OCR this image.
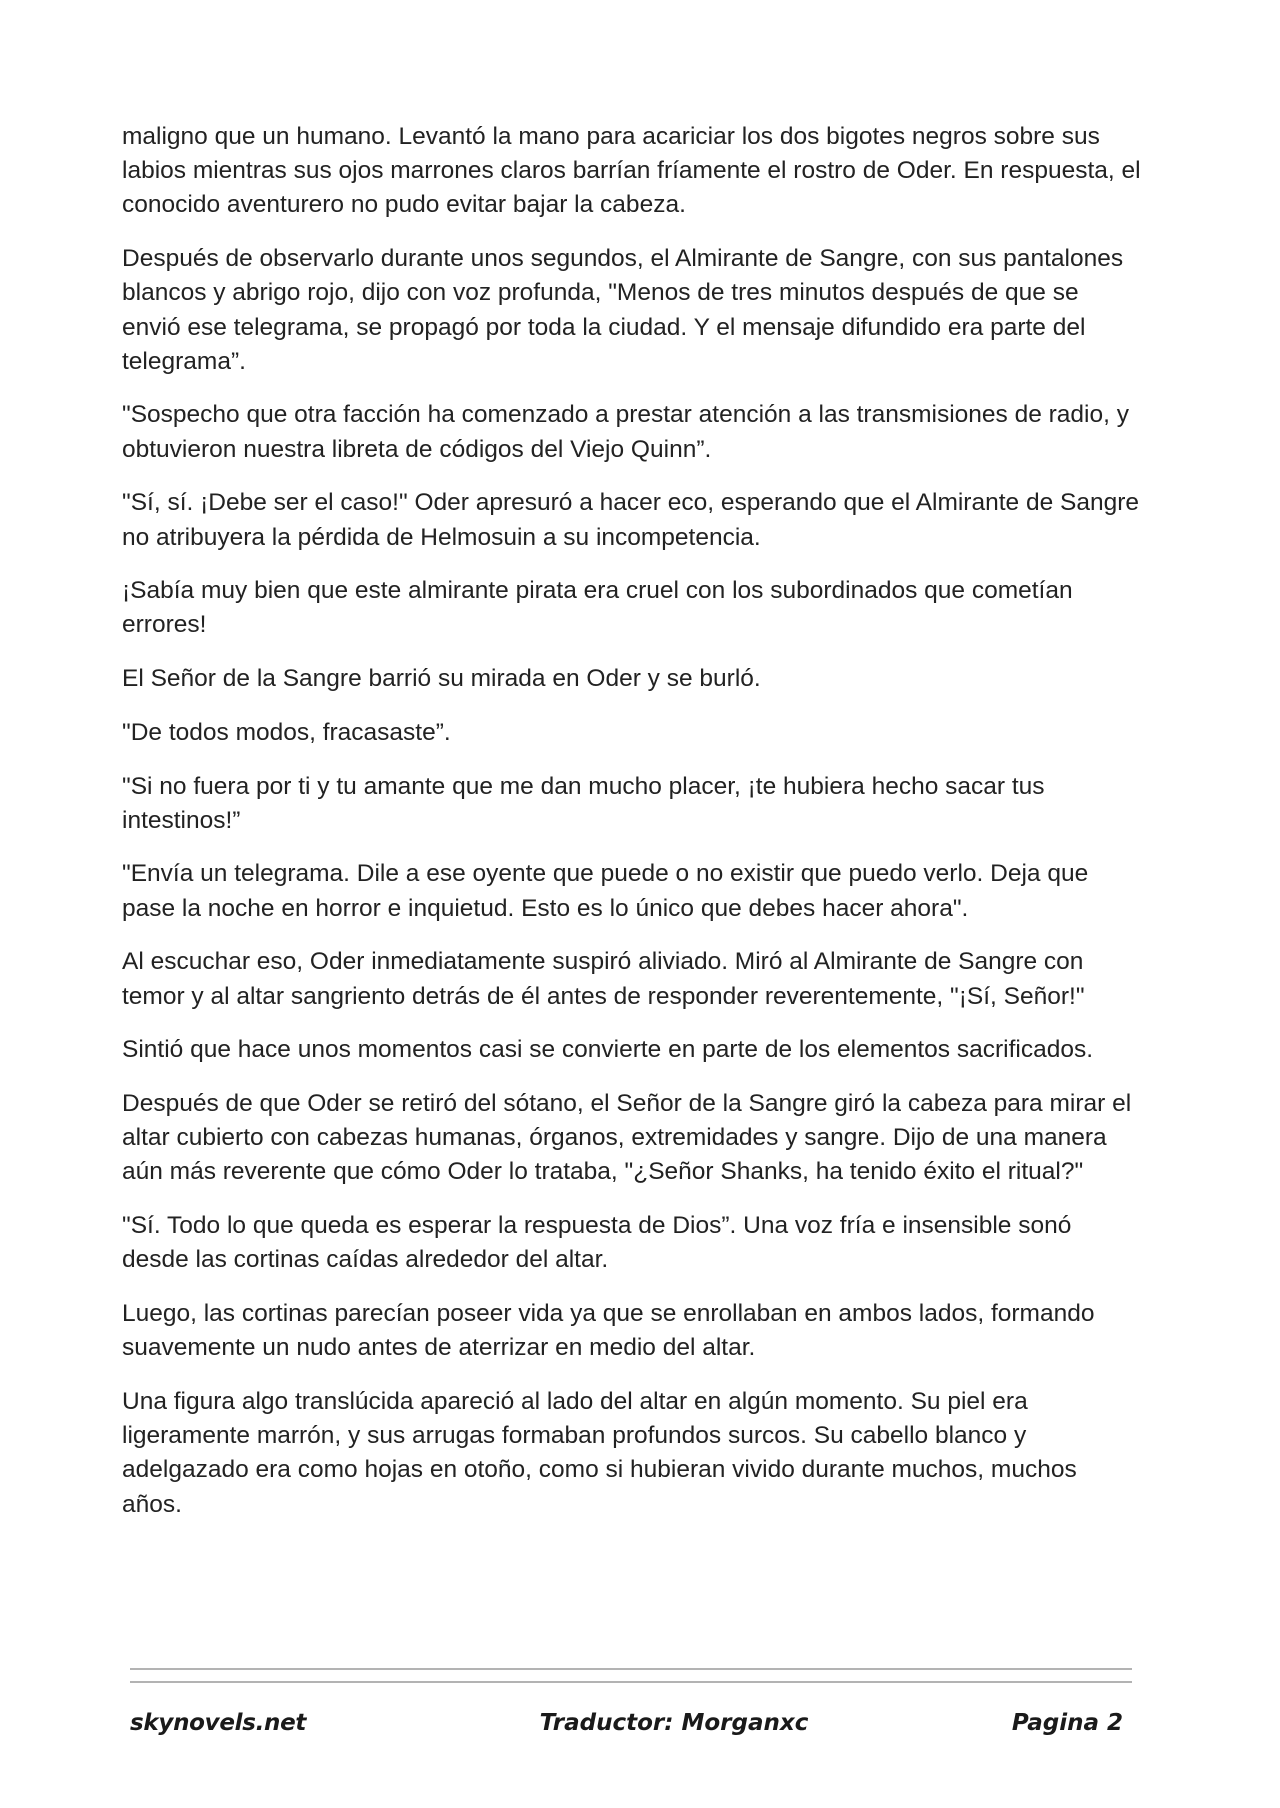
maligno que un humano. Levantó la mano para acariciar los dos bigotes negros sobre sus labios mientras sus ojos marrones claros barrían fríamente el rostro de Oder. En respuesta, el conocido aventurero no pudo evitar bajar la cabeza.

Después de observarlo durante unos segundos, el Almirante de Sangre, con sus pantalones blancos y abrigo rojo, dijo con voz profunda, "Menos de tres minutos después de que se envió ese telegrama, se propagó por toda la ciudad. Y el mensaje difundido era parte del telegrama”.

"Sospecho que otra facción ha comenzado a prestar atención a las transmisiones de radio, y obtuvieron nuestra libreta de códigos del Viejo Quinn”.

"Sí, sí. ¡Debe ser el caso!" Oder apresuró a hacer eco, esperando que el Almirante de Sangre no atribuyera la pérdida de Helmosuin a su incompetencia.

¡Sabía muy bien que este almirante pirata era cruel con los subordinados que cometían errores!

El Señor de la Sangre barrió su mirada en Oder y se burló.

"De todos modos, fracasaste”.

"Si no fuera por ti y tu amante que me dan mucho placer, ¡te hubiera hecho sacar tus intestinos!”

"Envía un telegrama. Dile a ese oyente que puede o no existir que puedo verlo. Deja que pase la noche en horror e inquietud. Esto es lo único que debes hacer ahora".

Al escuchar eso, Oder inmediatamente suspiró aliviado. Miró al Almirante de Sangre con temor y al altar sangriento detrás de él antes de responder reverentemente, "¡Sí, Señor!"

Sintió que hace unos momentos casi se convierte en parte de los elementos sacrificados.

Después de que Oder se retiró del sótano, el Señor de la Sangre giró la cabeza para mirar el altar cubierto con cabezas humanas, órganos, extremidades y sangre. Dijo de una manera aún más reverente que cómo Oder lo trataba, "¿Señor Shanks, ha tenido éxito el ritual?"

"Sí. Todo lo que queda es esperar la respuesta de Dios”. Una voz fría e insensible sonó desde las cortinas caídas alrededor del altar.

Luego, las cortinas parecían poseer vida ya que se enrollaban en ambos lados, formando suavemente un nudo antes de aterrizar en medio del altar.

Una figura algo translúcida apareció al lado del altar en algún momento. Su piel era ligeramente marrón, y sus arrugas formaban profundos surcos. Su cabello blanco y adelgazado era como hojas en otoño, como si hubieran vivido durante muchos, muchos años.

skynovels.net	Traductor: Morganxc	Pagina 2
